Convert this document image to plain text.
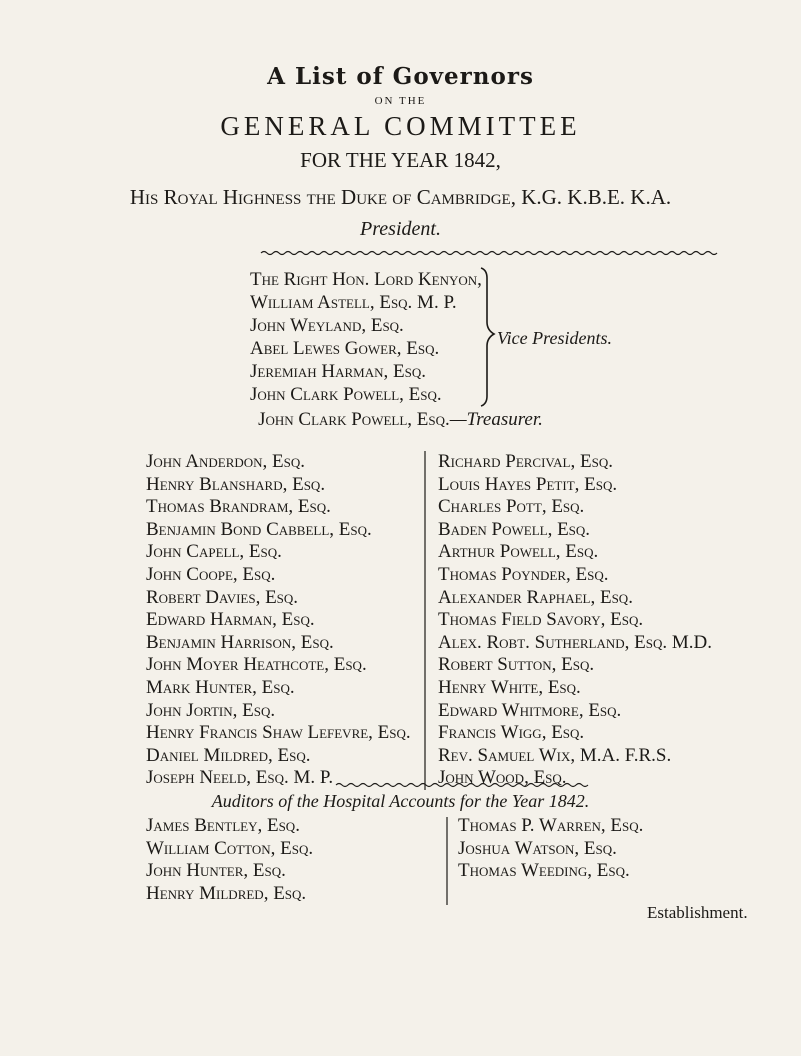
A List of Governors
ON THE
GENERAL COMMITTEE
FOR THE YEAR 1842,
His Royal Highness the Duke of Cambridge, K.G. K.B.E. K.A.
President.
The Right Hon. Lord Kenyon,
William Astell, Esq. M. P.
John Weyland, Esq.
Abel Lewes Gower, Esq.
Jeremiah Harman, Esq.
John Clark Powell, Esq.
Vice Presidents.
John Clark Powell, Esq.—Treasurer.
John Anderdon, Esq.
Henry Blanshard, Esq.
Thomas Brandram, Esq.
Benjamin Bond Cabbell, Esq.
John Capell, Esq.
John Coope, Esq.
Robert Davies, Esq.
Edward Harman, Esq.
Benjamin Harrison, Esq.
John Moyer Heathcote, Esq.
Mark Hunter, Esq.
John Jortin, Esq.
Henry Francis Shaw Lefevre, Esq.
Daniel Mildred, Esq.
Joseph Neeld, Esq. M. P.
Richard Percival, Esq.
Louis Hayes Petit, Esq.
Charles Pott, Esq.
Baden Powell, Esq.
Arthur Powell, Esq.
Thomas Poynder, Esq.
Alexander Raphael, Esq.
Thomas Field Savory, Esq.
Alex. Robt. Sutherland, Esq. M.D.
Robert Sutton, Esq.
Henry White, Esq.
Edward Whitmore, Esq.
Francis Wigg, Esq.
Rev. Samuel Wix, M.A. F.R.S.
John Wood, Esq.
Auditors of the Hospital Accounts for the Year 1842.
James Bentley, Esq.
William Cotton, Esq.
John Hunter, Esq.
Henry Mildred, Esq.
Thomas P. Warren, Esq.
Joshua Watson, Esq.
Thomas Weeding, Esq.
Establishment.
